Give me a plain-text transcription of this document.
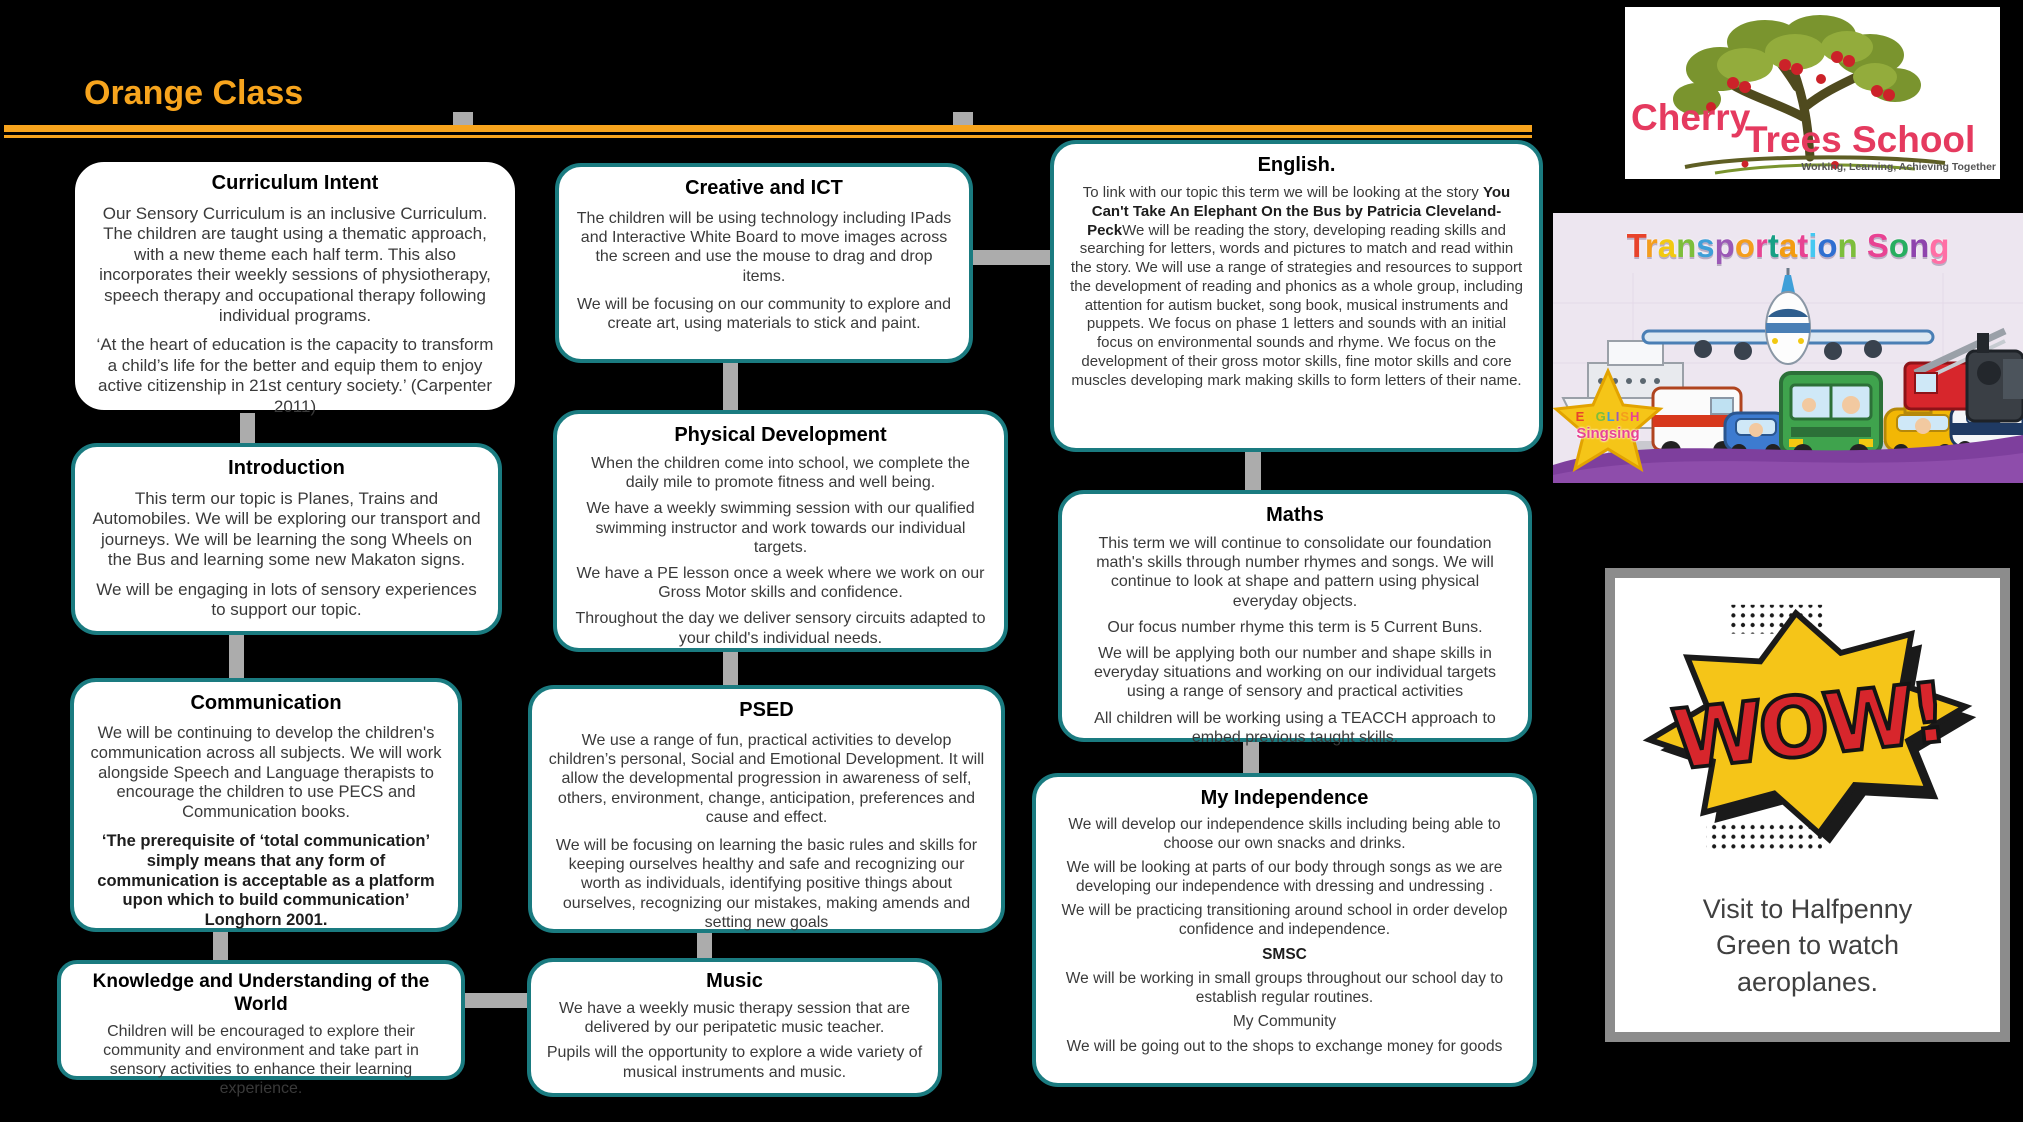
Orange Class
Curriculum Intent

Our Sensory Curriculum is an inclusive Curriculum. The children are taught using a thematic approach, with a new theme each half term. This also incorporates their weekly sessions of physiotherapy, speech therapy and occupational therapy following individual programs.

‘At the heart of education is the capacity to transform a child’s life for the better and equip them to enjoy active citizenship in 21st century society.’ (Carpenter 2011)

Introduction

This term our topic is Planes, Trains and Automobiles. We will be exploring our transport and journeys. We will be learning the song Wheels on the Bus and learning some new Makaton signs.

We will be engaging in lots of sensory experiences to support our topic.

Communication

We will be continuing to develop the children's communication across all subjects. We will work alongside Speech and Language therapists to encourage the children to use PECS and Communication books.

‘The prerequisite of ‘total communication’ simply means that any form of communication is acceptable as a platform upon which to build communication’ Longhorn 2001.

Knowledge and Understanding of the World

Children will be encouraged to explore their community and environment and take part in sensory activities to enhance their learning experience.

Creative and ICT

The children will be using technology including IPads and Interactive White Board to move images across the screen and use the mouse to drag and drop items.

We will be focusing on our community to explore and create art, using materials to stick and paint.

Physical Development

When the children come into school, we complete the daily mile to promote fitness and well being.

We have a weekly swimming session with our qualified swimming instructor and work towards our individual targets.

We have a PE lesson once a week where we work on our Gross Motor skills and confidence.

Throughout the day we deliver sensory circuits adapted to your child's individual needs.

PSED

We use a range of fun, practical activities to develop children’s personal, Social and Emotional Development. It will allow the developmental progression in awareness of self, others, environment, change, anticipation, preferences and cause and effect.

We will be focusing on learning the basic rules and skills for keeping ourselves healthy and safe and recognizing our worth as individuals, identifying positive things about ourselves, recognizing our mistakes, making amends and setting new goals

Music

We have a weekly music therapy session that are delivered by our peripatetic music teacher.

Pupils will the opportunity to explore a wide variety of musical instruments and music.

English.

To link with our topic this term we will be looking at the story You Can't Take An Elephant On the Bus by Patricia Cleveland-PeckWe will be reading the story, developing reading skills and searching for letters, words and pictures to match and read within the story. We will use a range of strategies and resources to support the development of reading and phonics as a whole group, including attention for autism bucket, song book, musical instruments and puppets. We focus on phase 1 letters and sounds with an initial focus on environmental sounds and rhyme. We focus on the development of their gross motor skills, fine motor skills and core muscles developing mark making skills to form letters of their name.

Maths

This term we will continue to consolidate our foundation math's skills through number rhymes and songs. We will continue to look at shape and pattern using physical everyday objects.

Our focus number rhyme this term is 5 Current Buns.

We will be applying both our number and shape skills in everyday situations and working on our individual targets using a range of sensory and practical activities

All children will be working using a TEACCH approach to embed previous taught skills.

My Independence

We will develop our independence skills including being able to choose our own snacks and drinks.

We will be looking at parts of our body through songs as we are developing our independence with dressing and undressing .

We will be practicing transitioning around school in order develop confidence and independence.

SMSC

We will be working in small groups throughout our school day to establish regular routines.

My Community

We will be going out to the shops to exchange money for goods

Cherry
Trees School
Working, Learning, Achieving Together
Transportation Song
ENGLISH
Singsing
WOW!
Visit to Halfpenny Green to watch aeroplanes.
